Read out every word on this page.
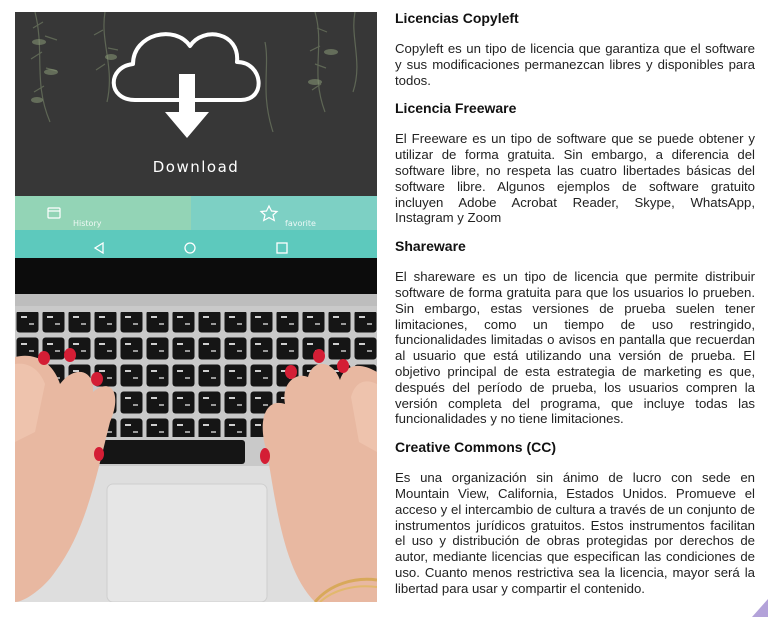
Download
History	favorite
Licencias Copyleft

Copyleft es un tipo de licencia que garantiza que el software y sus modificaciones permanezcan libres y disponibles para todos.

Licencia Freeware

El Freeware es un tipo de software que se puede obtener y utilizar de forma gratuita. Sin embargo, a diferencia del software libre, no respeta las cuatro libertades básicas del software libre. Algunos ejemplos de software gratuito incluyen Adobe Acrobat Reader, Skype, WhatsApp, Instagram y Zoom

Shareware

El shareware es un tipo de licencia que permite distribuir software de forma gratuita para que los usuarios lo prueben. Sin embargo, estas versiones de prueba suelen tener limitaciones, como un tiempo de uso restringido, funcionalidades limitadas o avisos en pantalla que recuerdan al usuario que está utilizando una versión de prueba. El objetivo principal de esta estrategia de marketing es que, después del período de prueba, los usuarios compren la versión completa del programa, que incluye todas las funcionalidades y no tiene limitaciones.

Creative Commons (CC)

Es una organización sin ánimo de lucro con sede en Mountain View, California, Estados Unidos. Promueve el acceso y el intercambio de cultura a través de un conjunto de instrumentos jurídicos gratuitos. Estos instrumentos facilitan el uso y distribución de obras protegidas por derechos de autor, mediante licencias que especifican las condiciones de uso. Cuanto menos restrictiva sea la licencia, mayor será la libertad para usar y compartir el contenido.
